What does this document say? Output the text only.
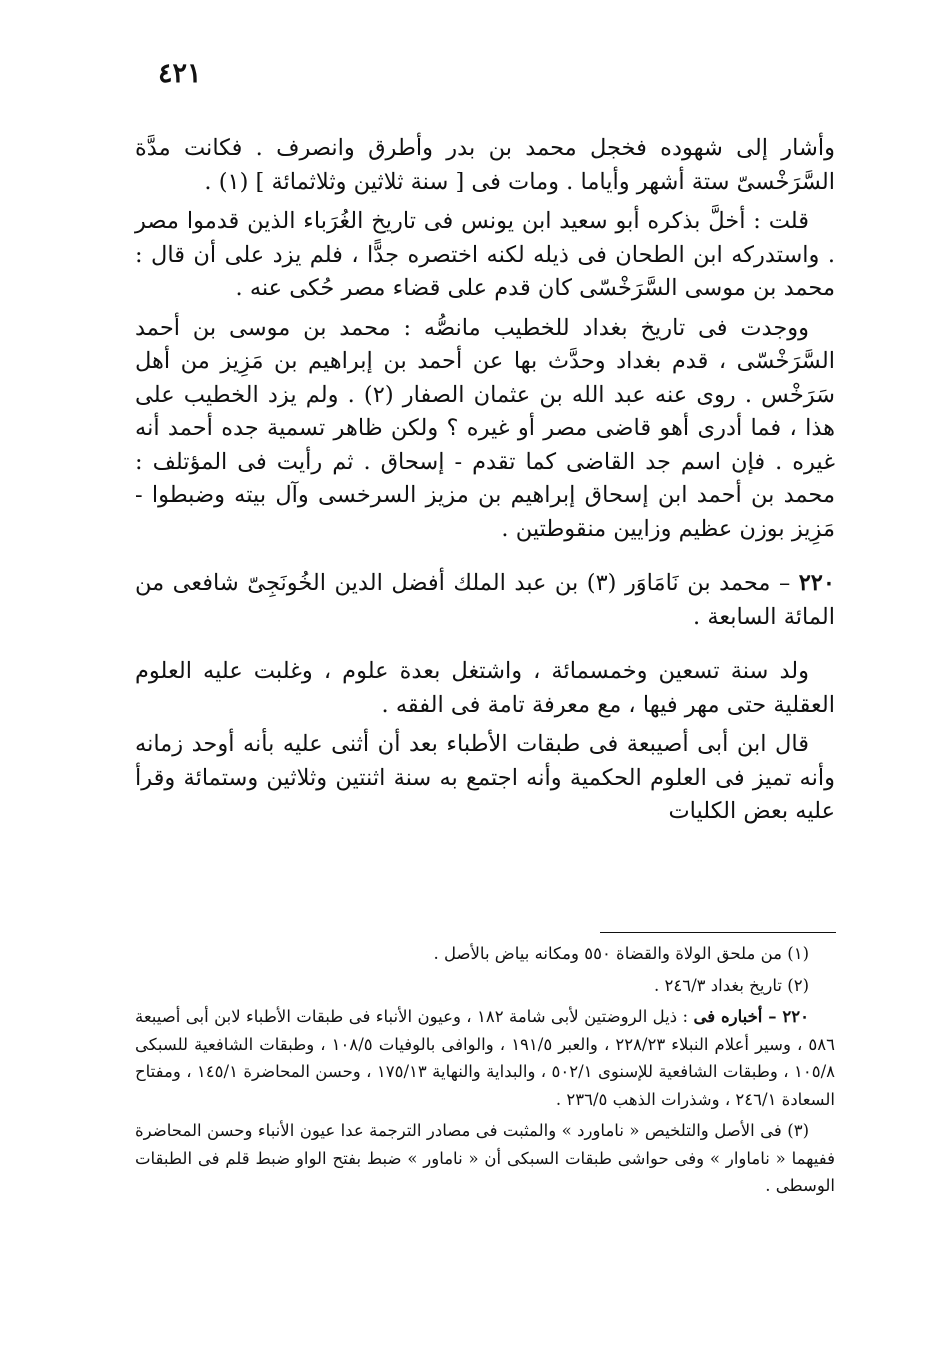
٤٢١

وأشار إلى شهوده فخجل محمد بن بدر وأطرق وانصرف . فكانت مدَّة السَّرَخْسىّ ستة أشهر وأياما . ومات فى [ سنة ثلاثين وثلاثمائة ] (١) .

قلت : أخلَّ بذكره أبو سعيد ابن يونس فى تاريخ الغُرَباء الذين قدموا مصر . واستدركه ابن الطحان فى ذيله لكنه اختصره جدًّا ، فلم يزد على أن قال : محمد بن موسى السَّرَخْسّى كان قدم على قضاء مصر حُكى عنه .

ووجدت فى تاريخ بغداد للخطيب مانصُّه : محمد بن موسى بن أحمد السَّرَخْسّى ، قدم بغداد وحدَّث بها عن أحمد بن إبراهيم بن مَزِيز من أهل سَرَخْس . روى عنه عبد الله بن عثمان الصفار (٢) . ولم يزد الخطيب على هذا ، فما أدرى أهو قاضى مصر أو غيره ؟ ولكن ظاهر تسمية جده أحمد أنه غيره . فإن اسم جد القاضى كما تقدم - إسحاق . ثم رأيت فى المؤتلف : محمد بن أحمد ابن إسحاق إبراهيم بن مزيز السرخسى وآل بيته وضبطوا - مَزِيز بوزن عظيم وزايين منقوطتين .

٢٢٠ – محمد بن نَامَاوَر (٣) بن عبد الملك أفضل الدين الخُونَجِىّ شافعى من المائة السابعة .

ولد سنة تسعين وخمسمائة ، واشتغل بعدة علوم ، وغلبت عليه العلوم العقلية حتى مهر فيها ، مع معرفة تامة فى الفقه .

قال ابن أبى أصيبعة فى طبقات الأطباء بعد أن أثنى عليه بأنه أوحد زمانه وأنه تميز فى العلوم الحكمية وأنه اجتمع به سنة اثنتين وثلاثين وستمائة وقرأ عليه بعض الكليات

(١) من ملحق الولاة والقضاة ٥٥٠ ومكانه بياض بالأصل .

(٢) تاريخ بغداد ٢٤٦/٣ .

٢٢٠ – أخباره فى : ذيل الروضتين لأبى شامة ١٨٢ ، وعيون الأنباء فى طبقات الأطباء لابن أبى أصيبعة ٥٨٦ ، وسير أعلام النبلاء ٢٢٨/٢٣ ، والعبر ١٩١/٥ ، والوافى بالوفيات ١٠٨/٥ ، وطبقات الشافعية للسبكى ١٠٥/٨ ، وطبقات الشافعية للإسنوى ٥٠٢/١ ، والبداية والنهاية ١٧٥/١٣ ، وحسن المحاضرة ١٤٥/١ ، ومفتاح السعادة ٢٤٦/١ ، وشذرات الذهب ٢٣٦/٥ .

(٣) فى الأصل والتلخيص « ناماورد » والمثبت فى مصادر الترجمة عدا عيون الأنباء وحسن المحاضرة ففيهما « ناماوار » وفى حواشى طبقات السبكى أن « ناماور » ضبط بفتح الواو ضبط قلم فى الطبقات الوسطى .
